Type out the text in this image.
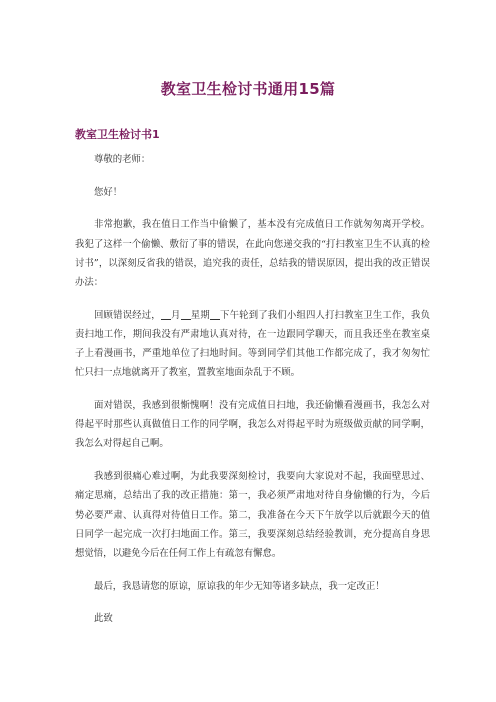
教室卫生检讨书通用15篇
教室卫生检讨书1

尊敬的老师：

您好！

非常抱歉，我在值日工作当中偷懒了，基本没有完成值日工作就匆匆离开学校。我犯了这样一个偷懒、敷衍了事的错误，在此向您递交我的“打扫教室卫生不认真的检讨书”，以深刻反省我的错误，追究我的责任，总结我的错误原因，提出我的改正错误办法：

回顾错误经过， 月 星期 下午轮到了我们小组四人打扫教室卫生工作，我负责扫地工作，期间我没有严肃地认真对待，在一边跟同学聊天，而且我还坐在教室桌子上看漫画书，严重地单位了扫地时间。等到同学们其他工作都完成了，我才匆匆忙忙只扫一点地就离开了教室，置教室地面杂乱于不顾。

面对错误，我感到很惭愧啊！没有完成值日扫地，我还偷懒看漫画书，我怎么对得起平时那些认真做值日工作的同学啊，我怎么对得起平时为班级做贡献的同学啊，我怎么对得起自己啊。

我感到很痛心难过啊，为此我要深刻检讨，我要向大家说对不起，我面壁思过、痛定思痛，总结出了我的改正措施：第一，我必须严肃地对待自身偷懒的行为，今后势必要严肃、认真得对待值日工作。第二，我准备在今天下午放学以后就跟今天的值日同学一起完成一次打扫地面工作。第三，我要深刻总结经验教训，充分提高自身思想觉悟，以避免今后在任何工作上有疏忽有懈怠。

最后，我恳请您的原谅，原谅我的年少无知等诸多缺点，我一定改正！

此致
